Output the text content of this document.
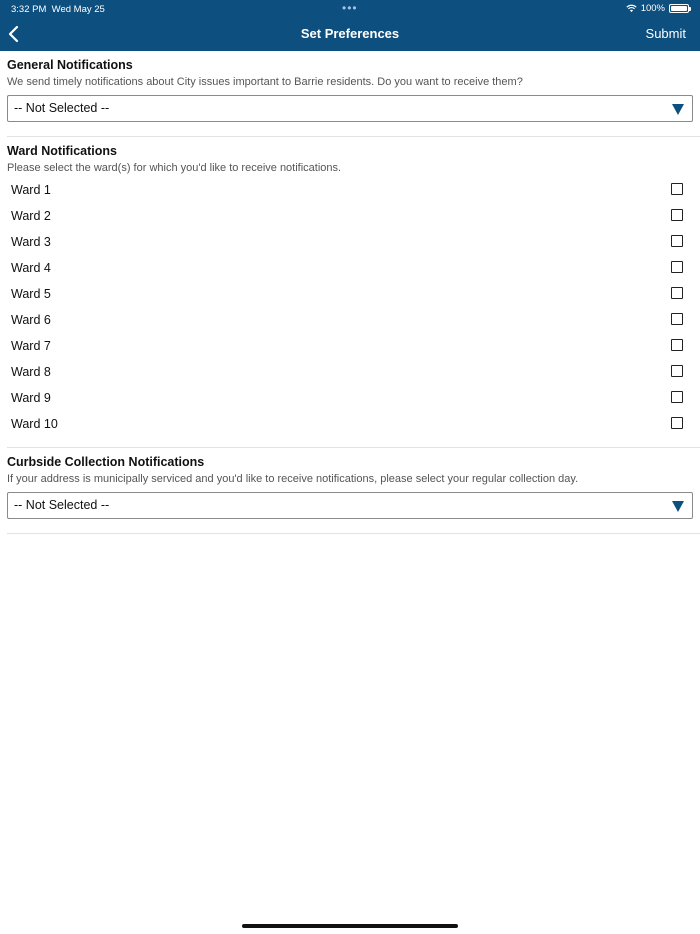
3:32 PM Wed May 25	•••	100%
Set Preferences	Submit
General Notifications
We send timely notifications about City issues important to Barrie residents. Do you want to receive them?
-- Not Selected --
Ward Notifications
Please select the ward(s) for which you'd like to receive notifications.
Ward 1
Ward 2
Ward 3
Ward 4
Ward 5
Ward 6
Ward 7
Ward 8
Ward 9
Ward 10
Curbside Collection Notifications
If your address is municipally serviced and you'd like to receive notifications, please select your regular collection day.
-- Not Selected --
